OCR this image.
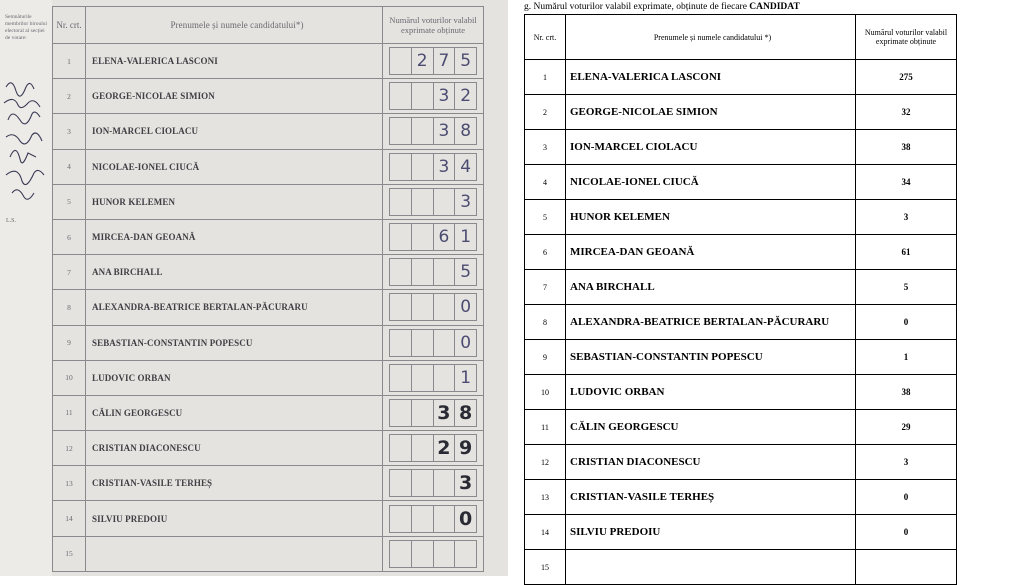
Semnăturile membrilor biroului electoral al secției de votare:
L.S.
Nr. crt.	Prenumele și numele candidatului*)	Numărul voturilor valabil exprimate obținute
1	ELENA-VALERICA LASCONI	2 7 5

2	GEORGE-NICOLAE SIMION	3 2

3	ION-MARCEL CIOLACU	3 8

4	NICOLAE-IONEL CIUCĂ	3 4

5	HUNOR KELEMEN	3

6	MIRCEA-DAN GEOANĂ	6 1

7	ANA BIRCHALL	5

8	ALEXANDRA-BEATRICE BERTALAN-PĂCURARU	0

9	SEBASTIAN-CONSTANTIN POPESCU	0

10	LUDOVIC ORBAN	1

11	CĂLIN GEORGESCU	3 8

12	CRISTIAN DIACONESCU	2 9

13	CRISTIAN-VASILE TERHEȘ	3

14	SILVIU PREDOIU	0

15		
g. Numărul voturilor valabil exprimate, obținute de fiecare CANDIDAT
Nr. crt.	Prenumele și numele candidatului *)	Numărul voturilor valabil exprimate obținute
1	ELENA-VALERICA LASCONI	275
2	GEORGE-NICOLAE SIMION	32
3	ION-MARCEL CIOLACU	38
4	NICOLAE-IONEL CIUCĂ	34
5	HUNOR KELEMEN	3
6	MIRCEA-DAN GEOANĂ	61
7	ANA BIRCHALL	5
8	ALEXANDRA-BEATRICE BERTALAN-PĂCURARU	0
9	SEBASTIAN-CONSTANTIN POPESCU	1
10	LUDOVIC ORBAN	38
11	CĂLIN GEORGESCU	29
12	CRISTIAN DIACONESCU	3
13	CRISTIAN-VASILE TERHEȘ	0
14	SILVIU PREDOIU	0
15		
